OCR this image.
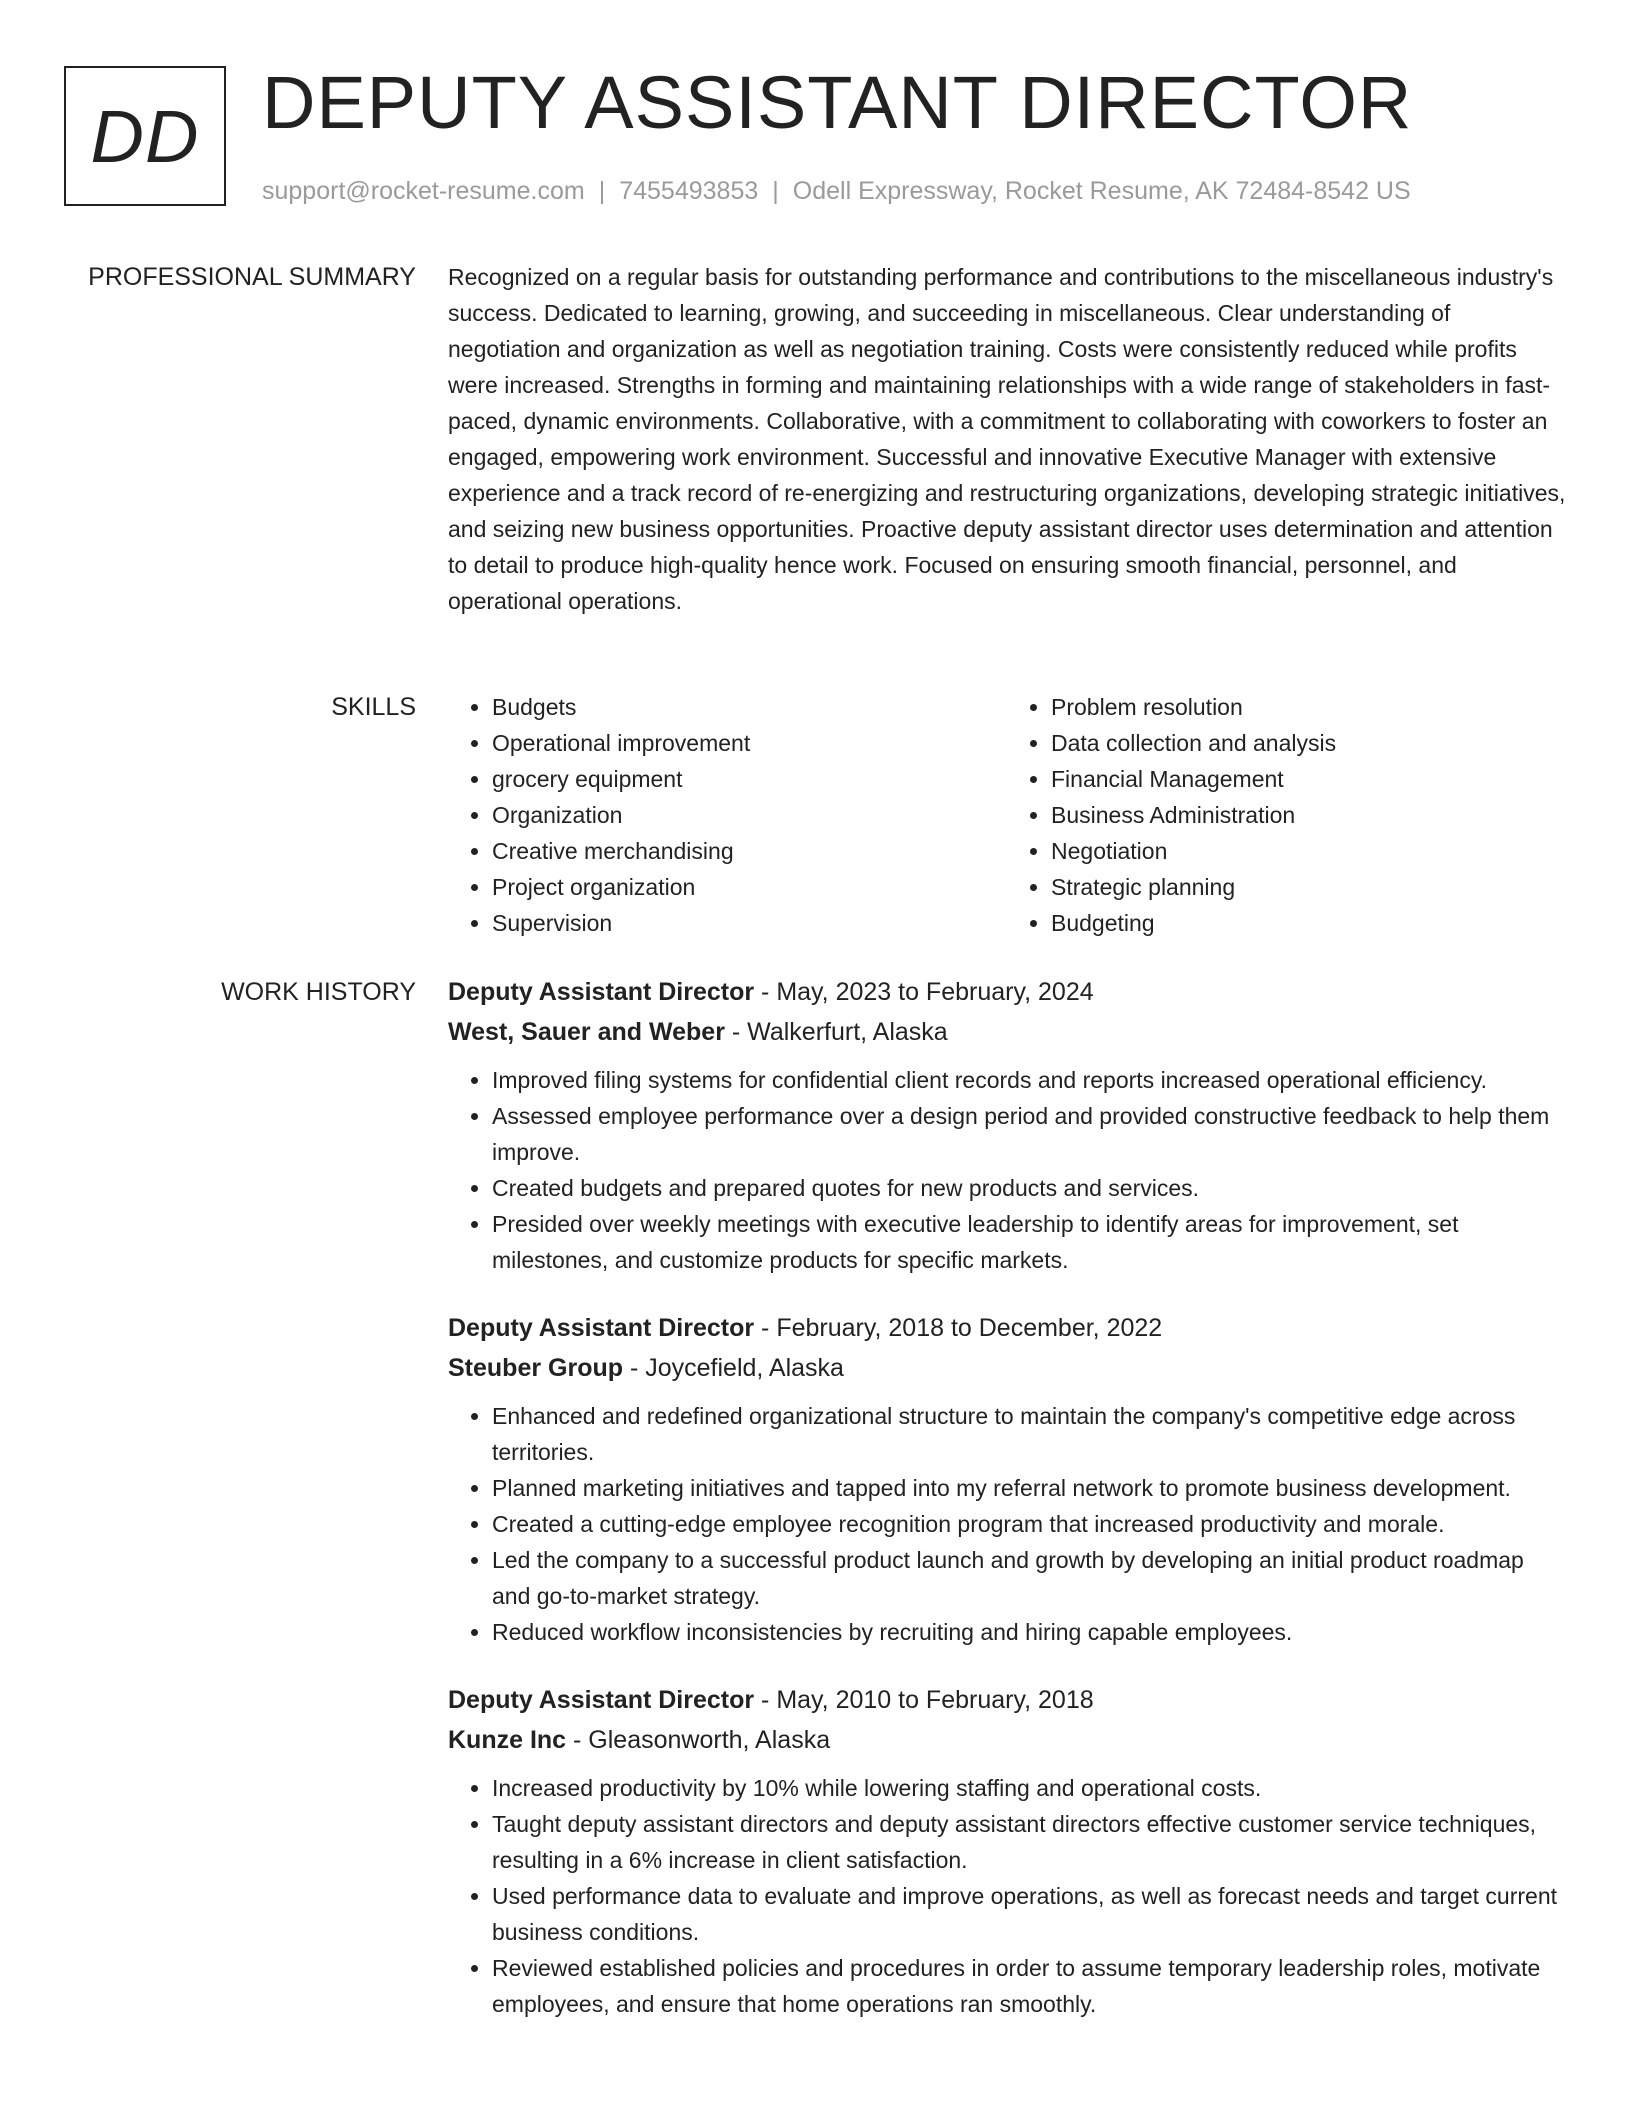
DD DEPUTY ASSISTANT DIRECTOR
support@rocket-resume.com | 7455493853 | Odell Expressway, Rocket Resume, AK 72484-8542 US
PROFESSIONAL SUMMARY Recognized on a regular basis for outstanding performance and contributions to the miscellaneous industry's success. Dedicated to learning, growing, and succeeding in miscellaneous. Clear understanding of negotiation and organization as well as negotiation training. Costs were consistently reduced while profits were increased. Strengths in forming and maintaining relationships with a wide range of stakeholders in fast-paced, dynamic environments. Collaborative, with a commitment to collaborating with coworkers to foster an engaged, empowering work environment. Successful and innovative Executive Manager with extensive experience and a track record of re-energizing and restructuring organizations, developing strategic initiatives, and seizing new business opportunities. Proactive deputy assistant director uses determination and attention to detail to produce high-quality hence work. Focused on ensuring smooth financial, personnel, and operational operations.

SKILLS
•	Budgets
• Operational improvement
• grocery equipment
• Organization
• Creative merchandising
• Project organization
• Supervision
• Problem resolution
• Data collection and analysis
• Financial Management
• Business Administration
• Negotiation
• Strategic planning
• Budgeting
WORK HISTORY Deputy Assistant Director - May, 2023 to February, 2024
West, Sauer and Weber - Walkerfurt, Alaska
• Improved filing systems for confidential client records and reports increased operational efficiency.
• Assessed employee performance over a design period and provided constructive feedback to help them improve.
• Created budgets and prepared quotes for new products and services.
• Presided over weekly meetings with executive leadership to identify areas for improvement, set milestones, and customize products for specific markets.
Deputy Assistant Director - February, 2018 to December, 2022
Steuber Group - Joycefield, Alaska
• Enhanced and redefined organizational structure to maintain the company's competitive edge across territories.
• Planned marketing initiatives and tapped into my referral network to promote business development.
• Created a cutting-edge employee recognition program that increased productivity and morale.
• Led the company to a successful product launch and growth by developing an initial product roadmap and go-to-market strategy.
• Reduced workflow inconsistencies by recruiting and hiring capable employees.
Deputy Assistant Director - May, 2010 to February, 2018
Kunze Inc - Gleasonworth, Alaska
• Increased productivity by 10% while lowering staffing and operational costs.
• Taught deputy assistant directors and deputy assistant directors effective customer service techniques, resulting in a 6% increase in client satisfaction.
• Used performance data to evaluate and improve operations, as well as forecast needs and target current business conditions.
• Reviewed established policies and procedures in order to assume temporary leadership roles, motivate employees, and ensure that home operations ran smoothly.
